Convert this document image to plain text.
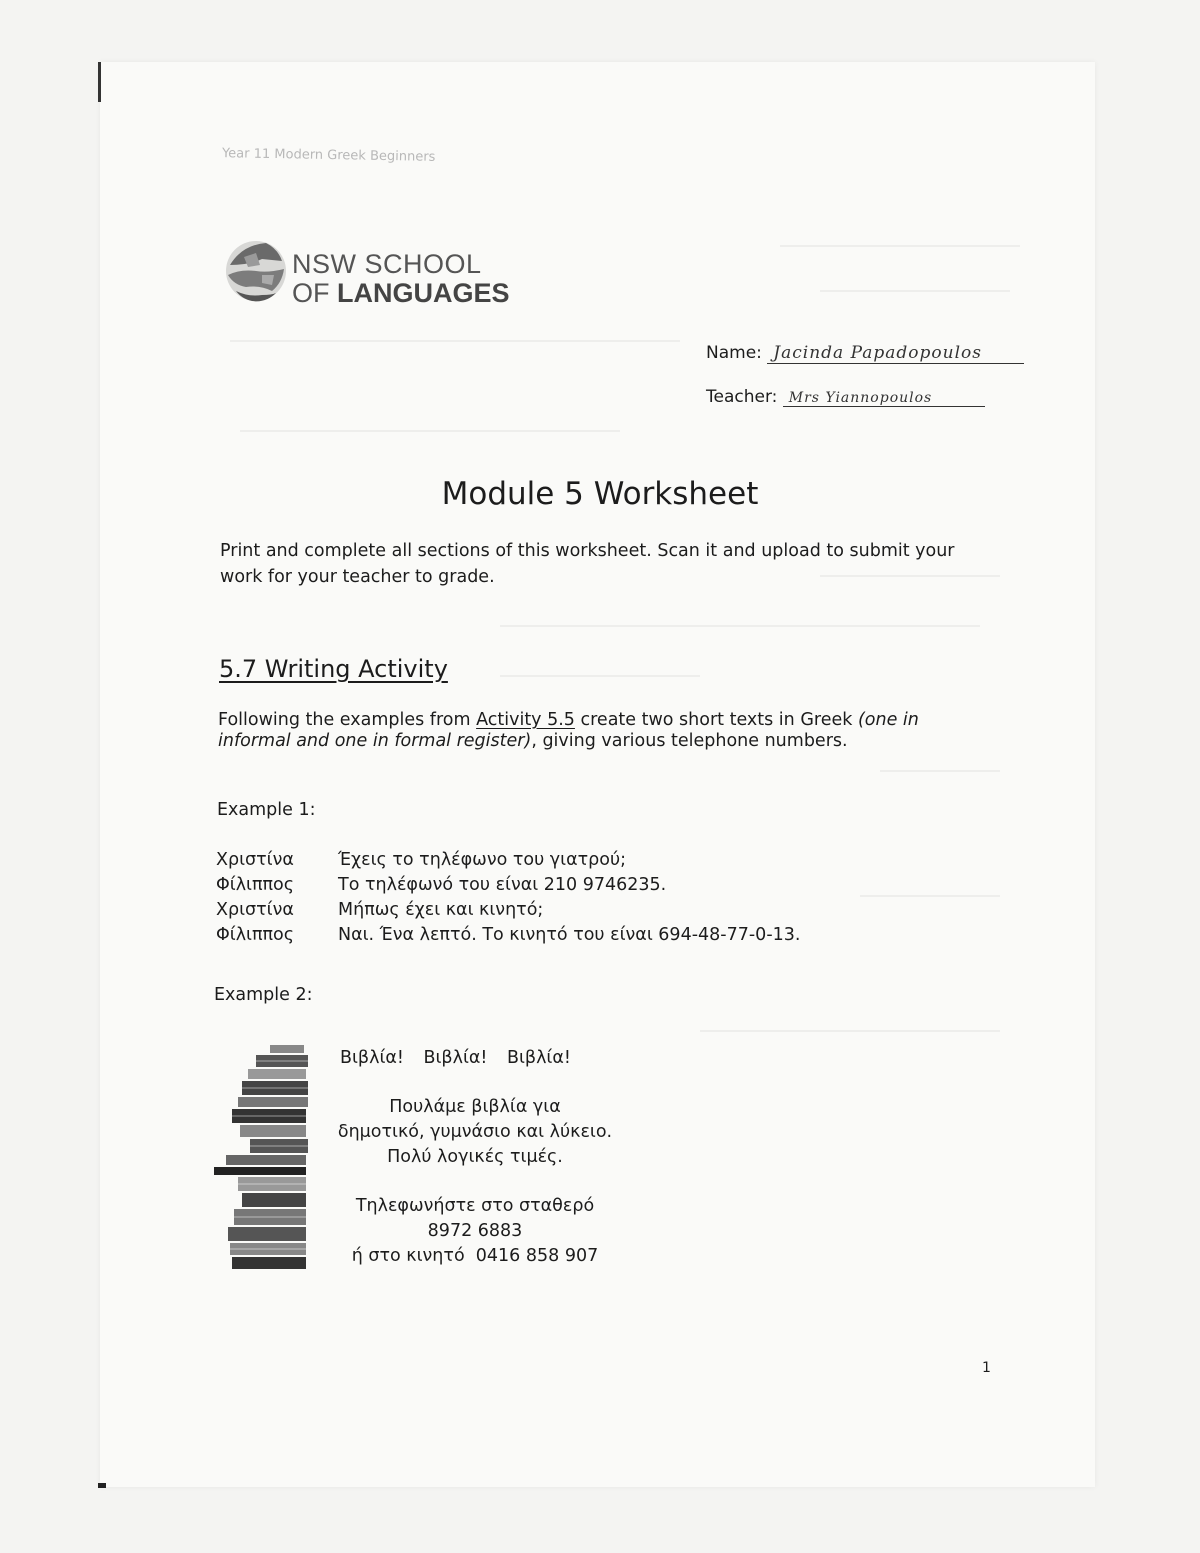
Year 11 Modern Greek Beginners
NSW SCHOOL
OF LANGUAGES
Name: Jacinda Papadopoulos
Teacher: Mrs Yiannopoulos
Module 5 Worksheet
Print and complete all sections of this worksheet. Scan it and upload to submit your work for your teacher to grade.
5.7 Writing Activity
Following the examples from Activity 5.5 create two short texts in Greek (one in informal and one in formal register), giving various telephone numbers.
Example 1:
Χριστίνα	Έχεις το τηλέφωνο του γιατρού;
Φίλιππος	Το τηλέφωνό του είναι 210 9746235.
Χριστίνα	Μήπως έχει και κινητό;
Φίλιππος	Ναι. Ένα λεπτό. Το κινητό του είναι 694-48-77-0-13.
Example 2:
Βιβλία! Βιβλία! Βιβλία!
Πουλάμε βιβλία για
δημοτικό, γυμνάσιο και λύκειο.
Πολύ λογικές τιμές.
Τηλεφωνήστε στο σταθερό
8972 6883
ή στο κινητό  0416 858 907
1
